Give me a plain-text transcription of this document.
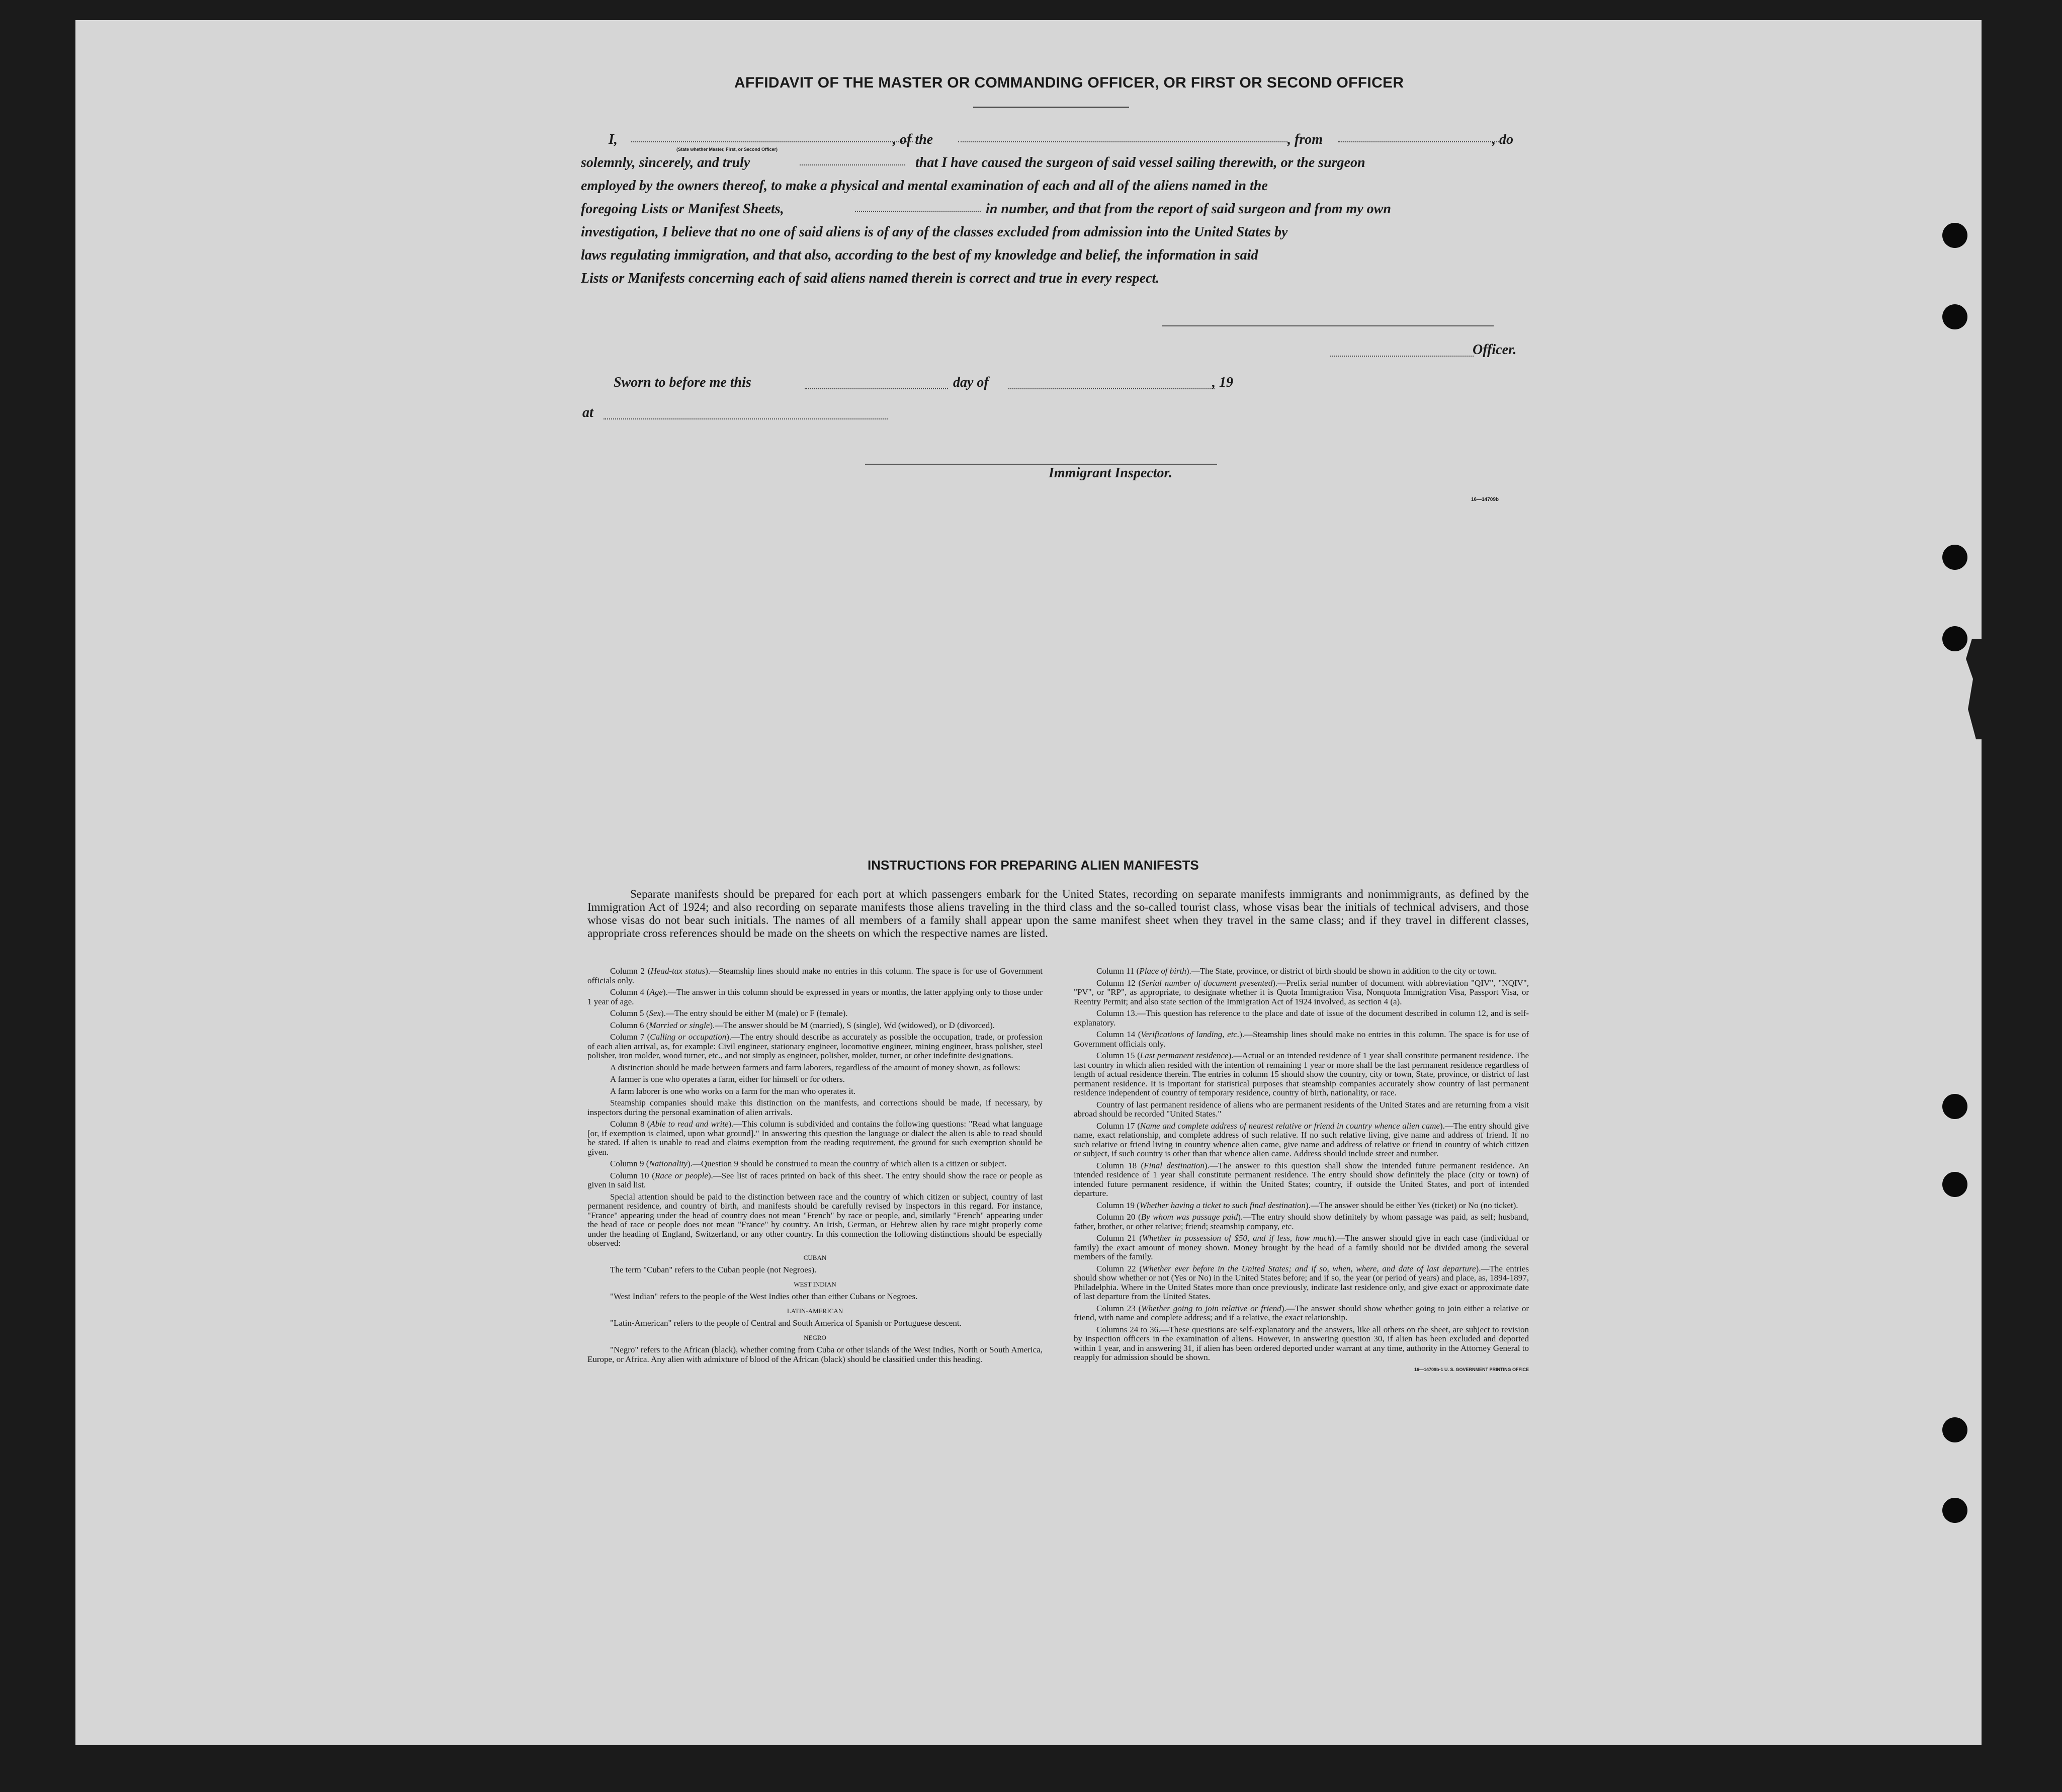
AFFIDAVIT OF THE MASTER OR COMMANDING OFFICER, OR FIRST OR SECOND OFFICER
I,	, of the	, from	, do
solemnly, sincerely, and truly	that I have caused the surgeon of said vessel sailing therewith, or the surgeon
employed by the owners thereof, to make a physical and mental examination of each and all of the aliens named in the
foregoing Lists or Manifest Sheets,	in number, and that from the report of said surgeon and from my own
investigation, I believe that no one of said aliens is of any of the classes excluded from admission into the United States by
laws regulating immigration, and that also, according to the best of my knowledge and belief, the information in said
Lists or Manifests concerning each of said aliens named therein is correct and true in every respect.
(State whether Master, First, or Second Officer)
Officer.
Sworn to before me this	day of	, 19
at
Immigrant Inspector.
16—14709b
INSTRUCTIONS FOR PREPARING ALIEN MANIFESTS
Separate manifests should be prepared for each port at which passengers embark for the United States, recording on separate manifests immigrants and nonimmigrants, as defined by the Immigration Act of 1924; and also recording on separate manifests those aliens traveling in the third class and the so-called tourist class, whose visas bear the initials of technical advisers, and those whose visas do not bear such initials. The names of all members of a family shall appear upon the same manifest sheet when they travel in the same class; and if they travel in different classes, appropriate cross references should be made on the sheets on which the respective names are listed.

Column 2 (Head-tax status).—Steamship lines should make no entries in this column. The space is for use of Government officials only.

Column 4 (Age).—The answer in this column should be expressed in years or months, the latter applying only to those under 1 year of age.

Column 5 (Sex).—The entry should be either M (male) or F (female).

Column 6 (Married or single).—The answer should be M (married), S (single), Wd (widowed), or D (divorced).

Column 7 (Calling or occupation).—The entry should describe as accurately as possible the occupation, trade, or profession of each alien arrival, as, for example: Civil engineer, stationary engineer, locomotive engineer, mining engineer, brass polisher, steel polisher, iron molder, wood turner, etc., and not simply as engineer, polisher, molder, turner, or other indefinite designations.

A distinction should be made between farmers and farm laborers, regardless of the amount of money shown, as follows:

A farmer is one who operates a farm, either for himself or for others.

A farm laborer is one who works on a farm for the man who operates it.

Steamship companies should make this distinction on the manifests, and corrections should be made, if necessary, by inspectors during the personal examination of alien arrivals.

Column 8 (Able to read and write).—This column is subdivided and contains the following questions: "Read what language [or, if exemption is claimed, upon what ground]." In answering this question the language or dialect the alien is able to read should be stated. If alien is unable to read and claims exemption from the reading requirement, the ground for such exemption should be given.

Column 9 (Nationality).—Question 9 should be construed to mean the country of which alien is a citizen or subject.

Column 10 (Race or people).—See list of races printed on back of this sheet. The entry should show the race or people as given in said list.

Special attention should be paid to the distinction between race and the country of which citizen or subject, country of last permanent residence, and country of birth, and manifests should be carefully revised by inspectors in this regard. For instance, "France" appearing under the head of country does not mean "French" by race or people, and, similarly "French" appearing under the head of race or people does not mean "France" by country. An Irish, German, or Hebrew alien by race might properly come under the heading of England, Switzerland, or any other country. In this connection the following distinctions should be especially observed:

CUBAN

The term "Cuban" refers to the Cuban people (not Negroes).

WEST INDIAN

"West Indian" refers to the people of the West Indies other than either Cubans or Negroes.

LATIN-AMERICAN

"Latin-American" refers to the people of Central and South America of Spanish or Portuguese descent.

NEGRO

"Negro" refers to the African (black), whether coming from Cuba or other islands of the West Indies, North or South America, Europe, or Africa. Any alien with admixture of blood of the African (black) should be classified under this heading.

Column 11 (Place of birth).—The State, province, or district of birth should be shown in addition to the city or town.

Column 12 (Serial number of document presented).—Prefix serial number of document with abbreviation "QIV", "NQIV", "PV", or "RP", as appropriate, to designate whether it is Quota Immigration Visa, Nonquota Immigration Visa, Passport Visa, or Reentry Permit; and also state section of the Immigration Act of 1924 involved, as section 4 (a).

Column 13.—This question has reference to the place and date of issue of the document described in column 12, and is self-explanatory.

Column 14 (Verifications of landing, etc.).—Steamship lines should make no entries in this column. The space is for use of Government officials only.

Column 15 (Last permanent residence).—Actual or an intended residence of 1 year shall constitute permanent residence. The last country in which alien resided with the intention of remaining 1 year or more shall be the last permanent residence regardless of length of actual residence therein. The entries in column 15 should show the country, city or town, State, province, or district of last permanent residence. It is important for statistical purposes that steamship companies accurately show country of last permanent residence independent of country of temporary residence, country of birth, nationality, or race.

Country of last permanent residence of aliens who are permanent residents of the United States and are returning from a visit abroad should be recorded "United States."

Column 17 (Name and complete address of nearest relative or friend in country whence alien came).—The entry should give name, exact relationship, and complete address of such relative. If no such relative living, give name and address of friend. If no such relative or friend living in country whence alien came, give name and address of relative or friend in country of which citizen or subject, if such country is other than that whence alien came. Address should include street and number.

Column 18 (Final destination).—The answer to this question shall show the intended future permanent residence. An intended residence of 1 year shall constitute permanent residence. The entry should show definitely the place (city or town) of intended future permanent residence, if within the United States; country, if outside the United States, and port of intended departure.

Column 19 (Whether having a ticket to such final destination).—The answer should be either Yes (ticket) or No (no ticket).

Column 20 (By whom was passage paid).—The entry should show definitely by whom passage was paid, as self; husband, father, brother, or other relative; friend; steamship company, etc.

Column 21 (Whether in possession of $50, and if less, how much).—The answer should give in each case (individual or family) the exact amount of money shown. Money brought by the head of a family should not be divided among the several members of the family.

Column 22 (Whether ever before in the United States; and if so, when, where, and date of last departure).—The entries should show whether or not (Yes or No) in the United States before; and if so, the year (or period of years) and place, as, 1894-1897, Philadelphia. Where in the United States more than once previously, indicate last residence only, and give exact or approximate date of last departure from the United States.

Column 23 (Whether going to join relative or friend).—The answer should show whether going to join either a relative or friend, with name and complete address; and if a relative, the exact relationship.

Columns 24 to 36.—These questions are self-explanatory and the answers, like all others on the sheet, are subject to revision by inspection officers in the examination of aliens. However, in answering question 30, if alien has been excluded and deported within 1 year, and in answering 31, if alien has been ordered deported under warrant at any time, authority in the Attorney General to reapply for admission should be shown.

16—14709b-1 U. S. GOVERNMENT PRINTING OFFICE
